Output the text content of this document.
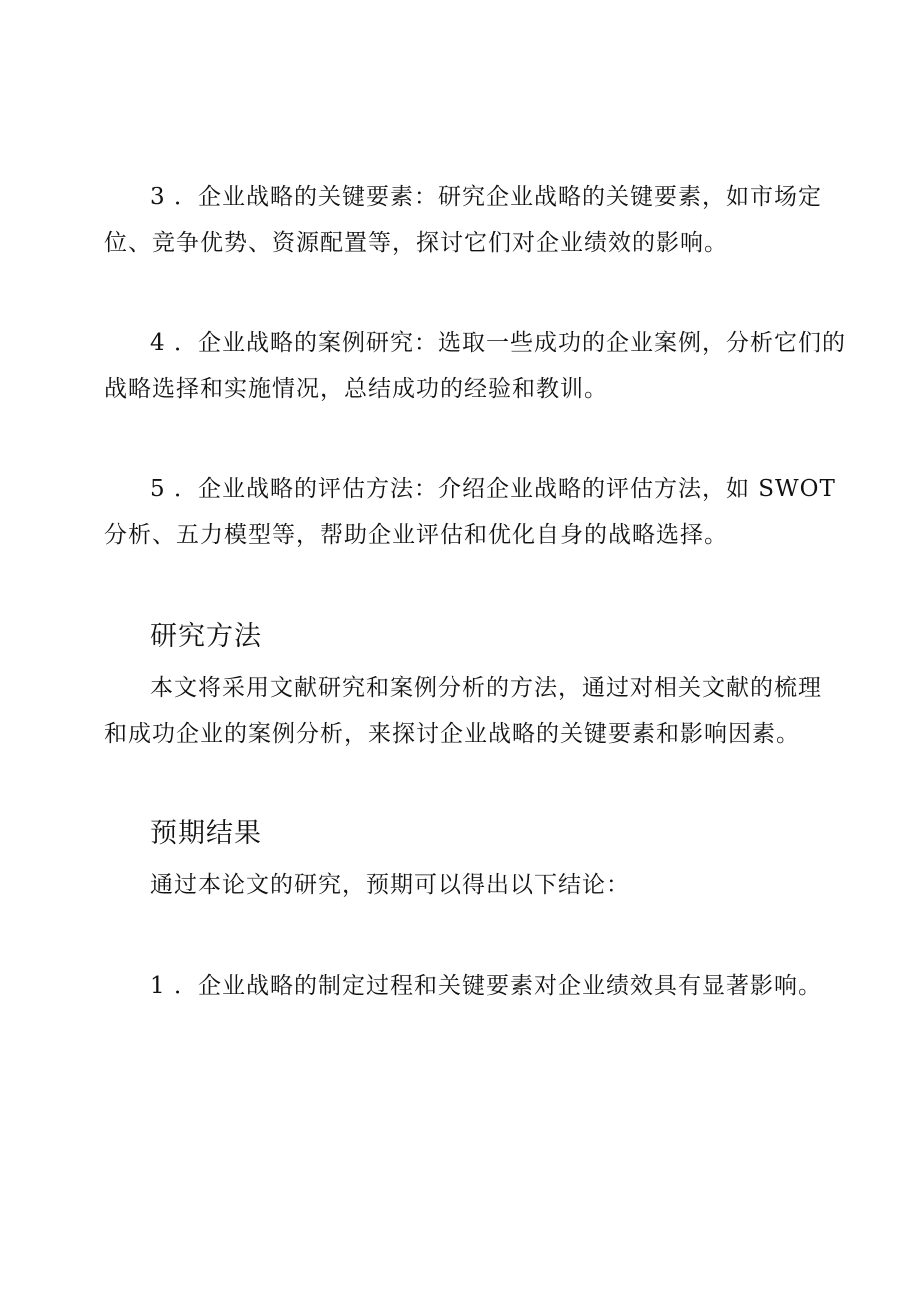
3 ．企业战略的关键要素：研究企业战略的关键要素，如市场定
位、竞争优势、资源配置等，探讨它们对企业绩效的影响。

4 ．企业战略的案例研究：选取一些成功的企业案例，分析它们的
战略选择和实施情况，总结成功的经验和教训。

5 ．企业战略的评估方法：介绍企业战略的评估方法，如 SWOT
分析、五力模型等，帮助企业评估和优化自身的战略选择。

研究方法

本文将采用文献研究和案例分析的方法，通过对相关文献的梳理
和成功企业的案例分析，来探讨企业战略的关键要素和影响因素。

预期结果

通过本论文的研究，预期可以得出以下结论：

1 ．企业战略的制定过程和关键要素对企业绩效具有显著影响。
